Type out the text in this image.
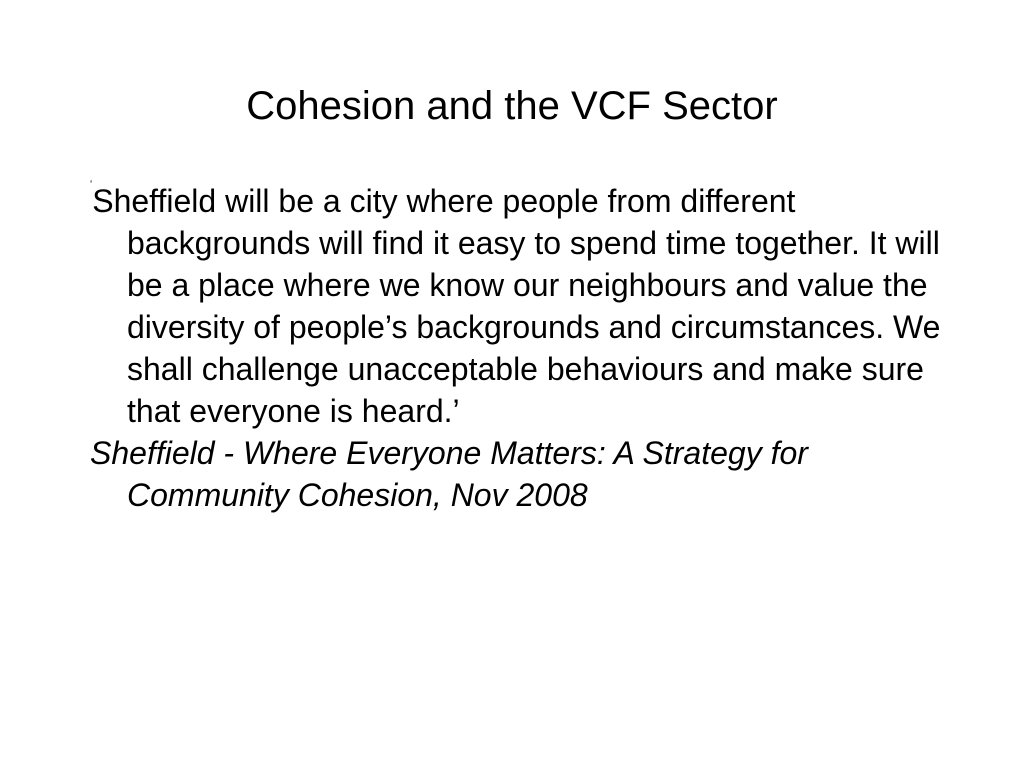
Cohesion and the VCF Sector

‘Sheffield will be a city where people from different backgrounds will find it easy to spend time together. It will be a place where we know our neighbours and value the diversity of people’s backgrounds and circumstances. We shall challenge unacceptable behaviours and make sure that everyone is heard.’

Sheffield - Where Everyone Matters: A Strategy for Community Cohesion, Nov 2008
